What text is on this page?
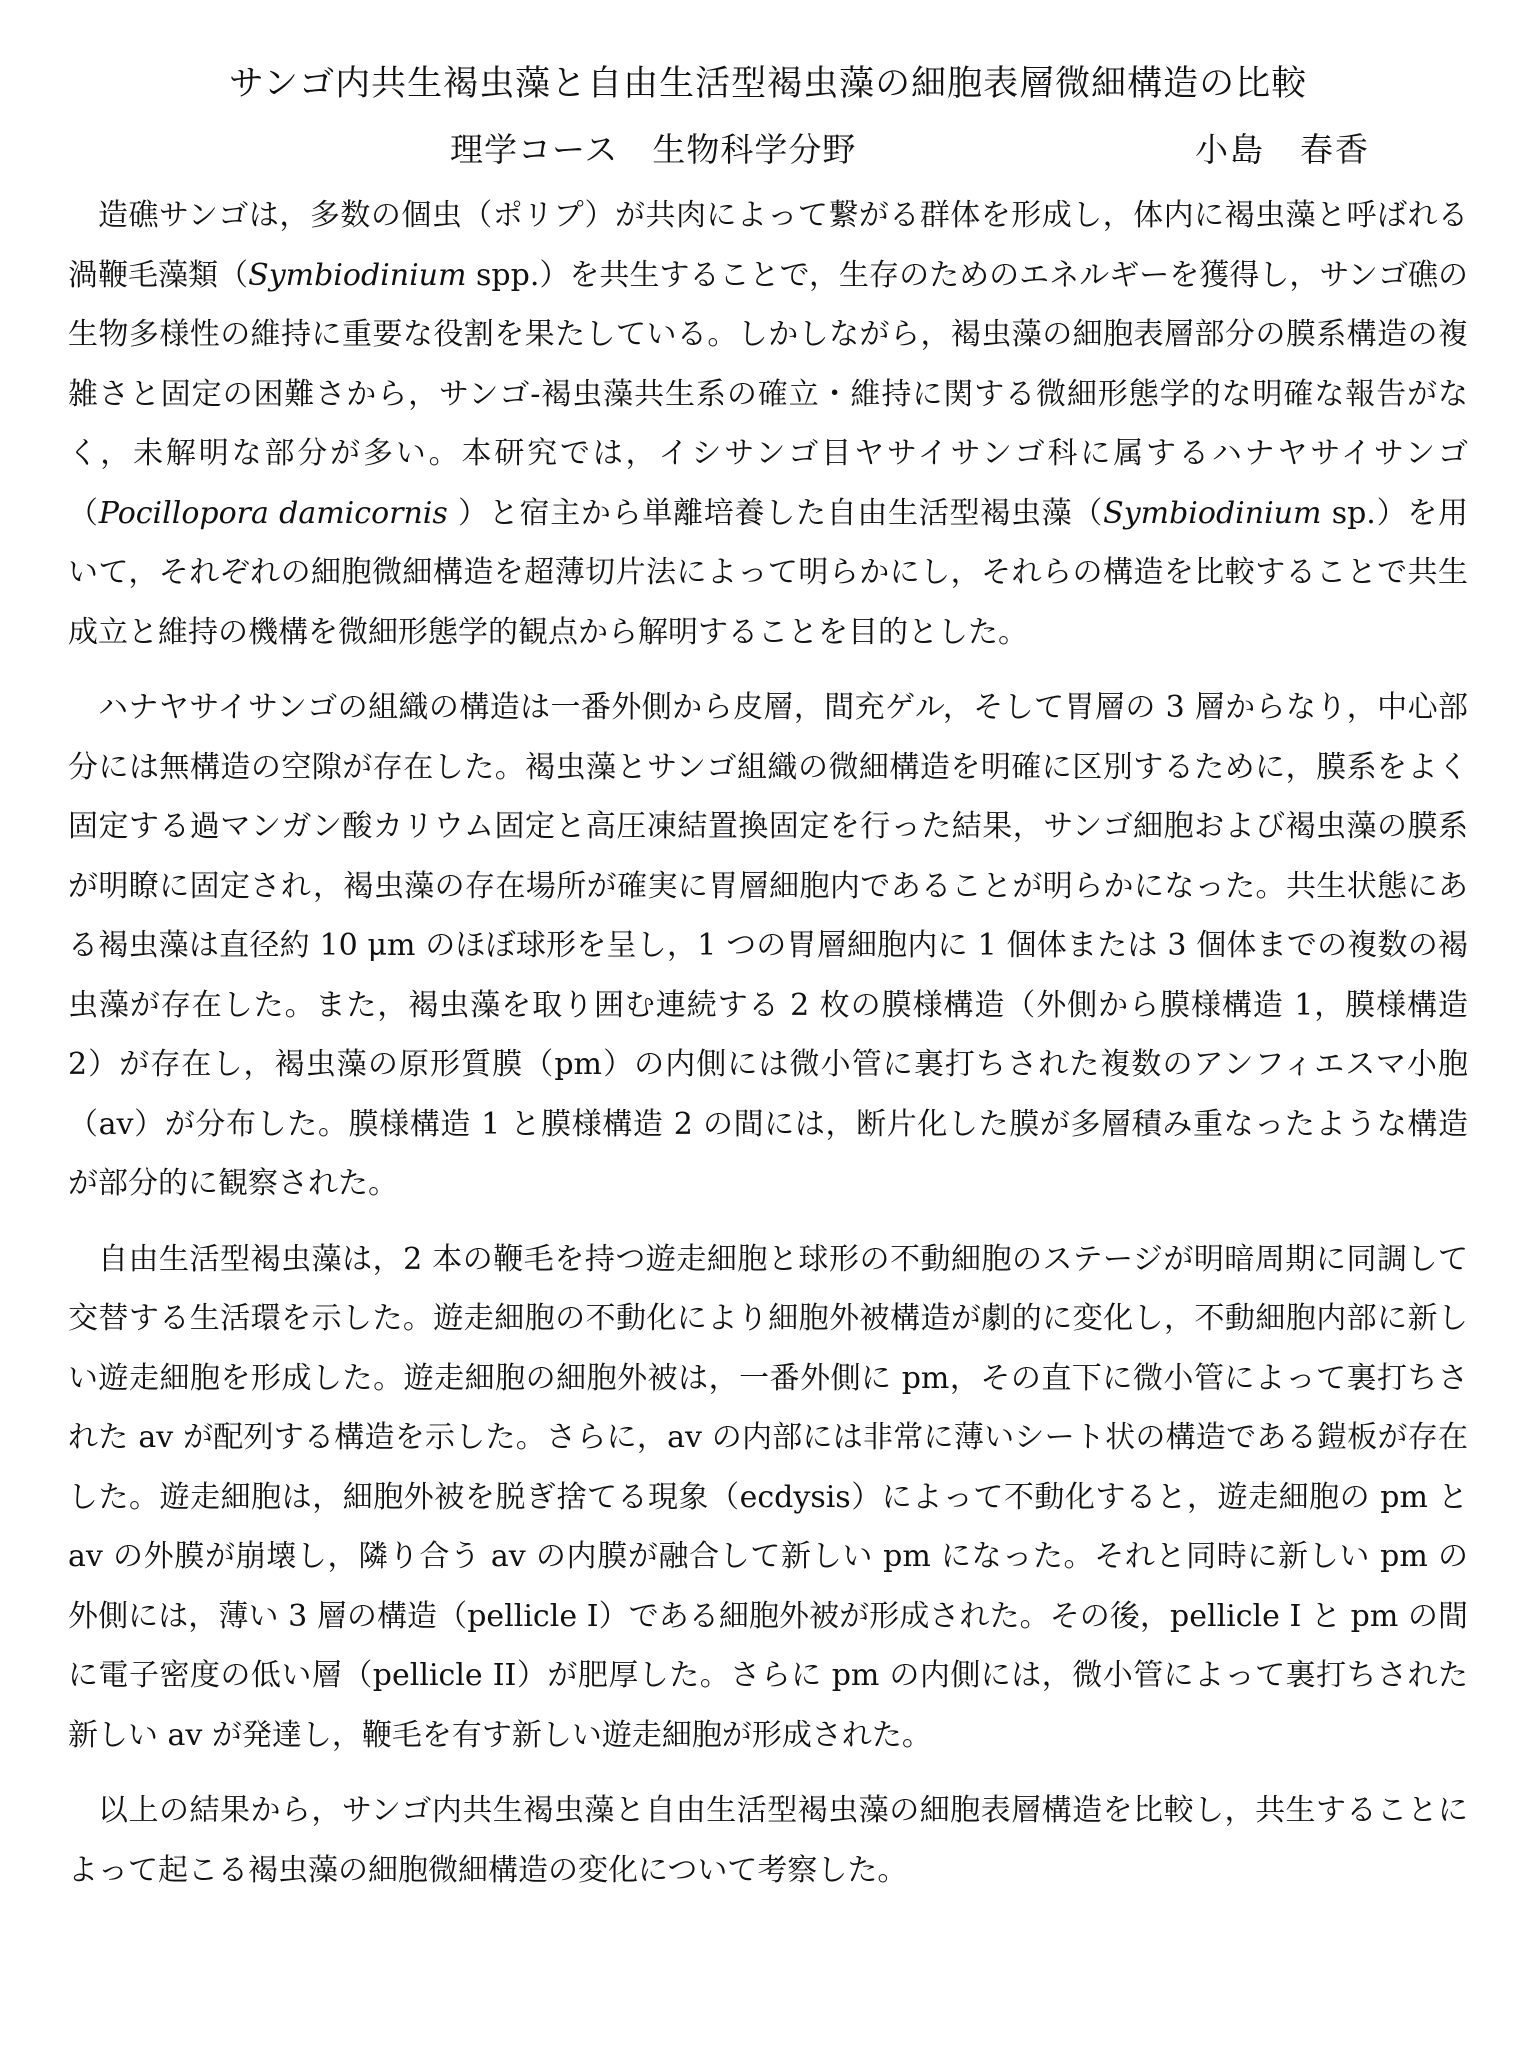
サンゴ内共生褐虫藻と自由生活型褐虫藻の細胞表層微細構造の比較

理学コース　生物科学分野	小島　春香

造礁サンゴは，多数の個虫（ポリプ）が共肉によって繋がる群体を形成し，体内に褐虫藻と呼ばれる渦鞭毛藻類（Symbiodinium spp.）を共生することで，生存のためのエネルギーを獲得し，サンゴ礁の生物多様性の維持に重要な役割を果たしている。しかしながら，褐虫藻の細胞表層部分の膜系構造の複雑さと固定の困難さから，サンゴ-褐虫藻共生系の確立・維持に関する微細形態学的な明確な報告がなく，未解明な部分が多い。本研究では，イシサンゴ目ヤサイサンゴ科に属するハナヤサイサンゴ（Pocillopora damicornis ）と宿主から単離培養した自由生活型褐虫藻（Symbiodinium sp.）を用いて，それぞれの細胞微細構造を超薄切片法によって明らかにし，それらの構造を比較することで共生成立と維持の機構を微細形態学的観点から解明することを目的とした。

ハナヤサイサンゴの組織の構造は一番外側から皮層，間充ゲル，そして胃層の 3 層からなり，中心部分には無構造の空隙が存在した。褐虫藻とサンゴ組織の微細構造を明確に区別するために，膜系をよく固定する過マンガン酸カリウム固定と高圧凍結置換固定を行った結果，サンゴ細胞および褐虫藻の膜系が明瞭に固定され，褐虫藻の存在場所が確実に胃層細胞内であることが明らかになった。共生状態にある褐虫藻は直径約 10 μm のほぼ球形を呈し，1 つの胃層細胞内に 1 個体または 3 個体までの複数の褐虫藻が存在した。また，褐虫藻を取り囲む連続する 2 枚の膜様構造（外側から膜様構造 1，膜様構造 2）が存在し，褐虫藻の原形質膜（pm）の内側には微小管に裏打ちされた複数のアンフィエスマ小胞（av）が分布した。膜様構造 1 と膜様構造 2 の間には，断片化した膜が多層積み重なったような構造が部分的に観察された。

自由生活型褐虫藻は，2 本の鞭毛を持つ遊走細胞と球形の不動細胞のステージが明暗周期に同調して交替する生活環を示した。遊走細胞の不動化により細胞外被構造が劇的に変化し，不動細胞内部に新しい遊走細胞を形成した。遊走細胞の細胞外被は，一番外側に pm，その直下に微小管によって裏打ちされた av が配列する構造を示した。さらに，av の内部には非常に薄いシート状の構造である鎧板が存在した。遊走細胞は，細胞外被を脱ぎ捨てる現象（ecdysis）によって不動化すると，遊走細胞の pm と av の外膜が崩壊し，隣り合う av の内膜が融合して新しい pm になった。それと同時に新しい pm の外側には，薄い 3 層の構造（pellicle I）である細胞外被が形成された。その後，pellicle I と pm の間に電子密度の低い層（pellicle II）が肥厚した。さらに pm の内側には，微小管によって裏打ちされた新しい av が発達し，鞭毛を有す新しい遊走細胞が形成された。

以上の結果から，サンゴ内共生褐虫藻と自由生活型褐虫藻の細胞表層構造を比較し，共生することによって起こる褐虫藻の細胞微細構造の変化について考察した。
